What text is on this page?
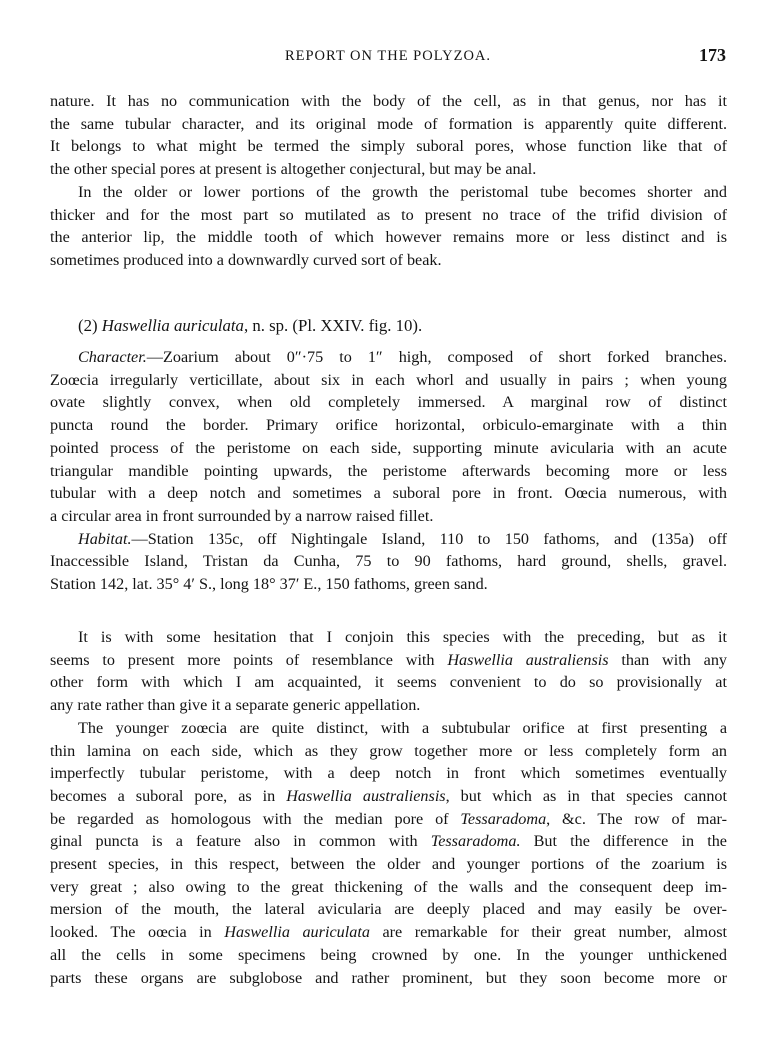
REPORT ON THE POLYZOA.	173

nature. It has no communication with the body of the cell, as in that genus, nor has it

the same tubular character, and its original mode of formation is apparently quite different.

It belongs to what might be termed the simply suboral pores, whose function like that of

the other special pores at present is altogether conjectural, but may be anal.

In the older or lower portions of the growth the peristomal tube becomes shorter and

thicker and for the most part so mutilated as to present no trace of the trifid division of

the anterior lip, the middle tooth of which however remains more or less distinct and is

sometimes produced into a downwardly curved sort of beak.

(2) Haswellia auriculata, n. sp. (Pl. XXIV. fig. 10).

Character.—Zoarium about 0″·75 to 1″ high, composed of short forked branches.

Zoœcia irregularly verticillate, about six in each whorl and usually in pairs ; when young

ovate slightly convex, when old completely immersed. A marginal row of distinct

puncta round the border. Primary orifice horizontal, orbiculo-emarginate with a thin

pointed process of the peristome on each side, supporting minute avicularia with an acute

triangular mandible pointing upwards, the peristome afterwards becoming more or less

tubular with a deep notch and sometimes a suboral pore in front. Oœcia numerous, with

a circular area in front surrounded by a narrow raised fillet.

Habitat.—Station 135c, off Nightingale Island, 110 to 150 fathoms, and (135a) off

Inaccessible Island, Tristan da Cunha, 75 to 90 fathoms, hard ground, shells, gravel.

Station 142, lat. 35° 4′ S., long 18° 37′ E., 150 fathoms, green sand.

It is with some hesitation that I conjoin this species with the preceding, but as it

seems to present more points of resemblance with Haswellia australiensis than with any

other form with which I am acquainted, it seems convenient to do so provisionally at

any rate rather than give it a separate generic appellation.

The younger zoœcia are quite distinct, with a subtubular orifice at first presenting a

thin lamina on each side, which as they grow together more or less completely form an

imperfectly tubular peristome, with a deep notch in front which sometimes eventually

becomes a suboral pore, as in Haswellia australiensis, but which as in that species cannot

be regarded as homologous with the median pore of Tessaradoma, &c. The row of mar-

ginal puncta is a feature also in common with Tessaradoma. But the difference in the

present species, in this respect, between the older and younger portions of the zoarium is

very great ; also owing to the great thickening of the walls and the consequent deep im-

mersion of the mouth, the lateral avicularia are deeply placed and may easily be over-

looked. The oœcia in Haswellia auriculata are remarkable for their great number, almost

all the cells in some specimens being crowned by one. In the younger unthickened

parts these organs are subglobose and rather prominent, but they soon become more or
